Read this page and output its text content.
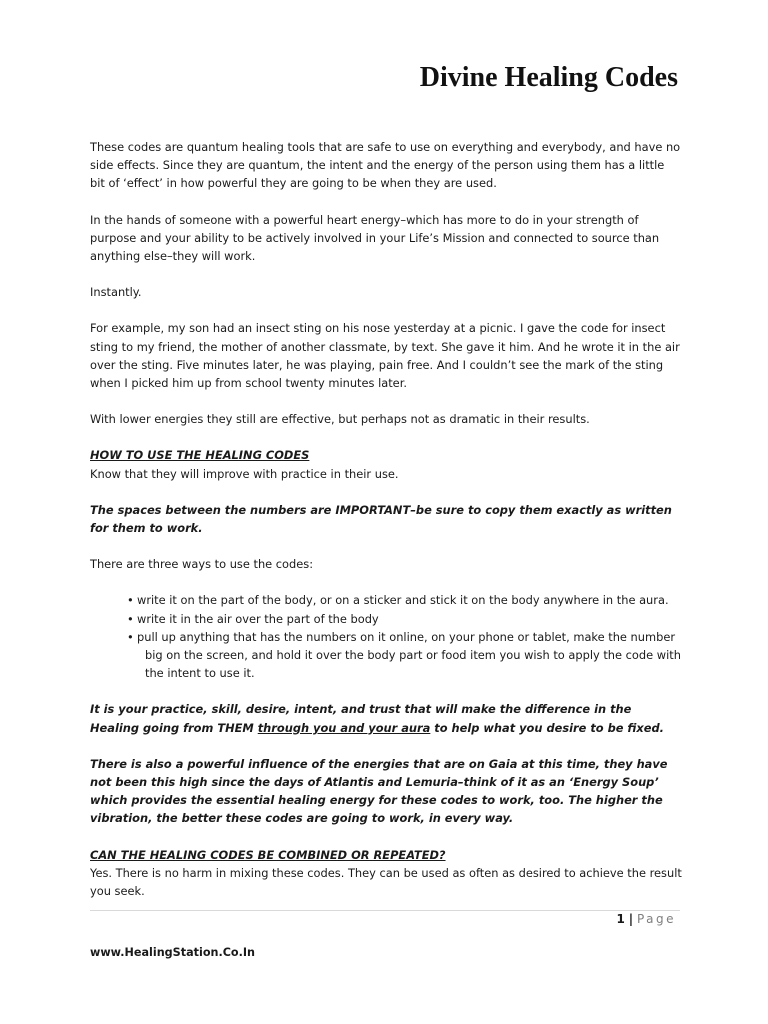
Divine Healing Codes

These codes are quantum healing tools that are safe to use on everything and everybody, and have no side effects. Since they are quantum, the intent and the energy of the person using them has a little bit of ‘effect’ in how powerful they are going to be when they are used.

In the hands of someone with a powerful heart energy–which has more to do in your strength of purpose and your ability to be actively involved in your Life’s Mission and connected to source than anything else–they will work.

Instantly.

For example, my son had an insect sting on his nose yesterday at a picnic. I gave the code for insect sting to my friend, the mother of another classmate, by text. She gave it him. And he wrote it in the air over the sting. Five minutes later, he was playing, pain free. And I couldn’t see the mark of the sting when I picked him up from school twenty minutes later.

With lower energies they still are effective, but perhaps not as dramatic in their results.

HOW TO USE THE HEALING CODES

Know that they will improve with practice in their use.

The spaces between the numbers are IMPORTANT–be sure to copy them exactly as written for them to work.

There are three ways to use the codes:

• write it on the part of the body, or on a sticker and stick it on the body anywhere in the aura.
• write it in the air over the part of the body
• pull up anything that has the numbers on it online, on your phone or tablet, make the number
big on the screen, and hold it over the body part or food item you wish to apply the code with the intent to use it.

It is your practice, skill, desire, intent, and trust that will make the difference in the Healing going from THEM through you and your aura to help what you desire to be fixed.

There is also a powerful influence of the energies that are on Gaia at this time, they have not been this high since the days of Atlantis and Lemuria–think of it as an ‘Energy Soup’ which provides the essential healing energy for these codes to work, too. The higher the vibration, the better these codes are going to work, in every way.

CAN THE HEALING CODES BE COMBINED OR REPEATED?

Yes. There is no harm in mixing these codes. They can be used as often as desired to achieve the result you seek.

1 | Page
www.HealingStation.Co.In
